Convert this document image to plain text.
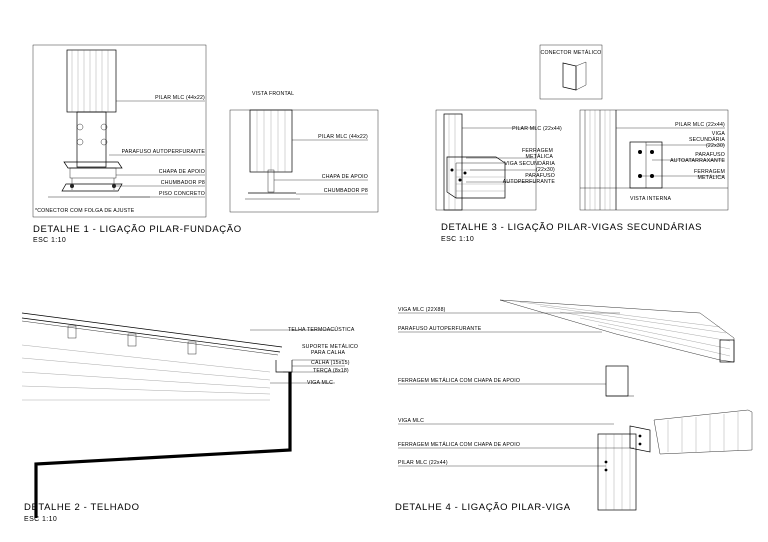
PILAR MLC (44x22)
PARAFUSO AUTOPERFURANTE
CHAPA DE APOIO
CHUMBADOR P8
PISO CONCRETO
*CONECTOR COM FOLGA DE AJUSTE
VISTA FRONTAL
PILAR MLC (44x22)
CHAPA DE APOIO
CHUMBADOR P8
DETALHE 1 - LIGAÇÃO PILAR-FUNDAÇÃO
ESC 1:10
CONECTOR METÁLICO
PILAR MLC (22x44)
FERRAGEM
METÁLICA
VIGA SECUNDÁRIA
(22x30)
PARAFUSO
AUTOPERFURANTE
PILAR MLC (22x44)
VIGA
SECUNDÁRIA
(22x30)
PARAFUSO
AUTOATARRAXANTE
FERRAGEM
METÁLICA
VISTA INTERNA
DETALHE 3 - LIGAÇÃO PILAR-VIGAS SECUNDÁRIAS
ESC 1:10
TELHA TERMOACÚSTICA
SUPORTE METÁLICO
PARA CALHA
CALHA (15x15)
TERÇA (8x18)
VIGA MLC
DETALHE 2 - TELHADO
ESC 1:10
VIGA MLC (22X88)
PARAFUSO AUTOPERFURANTE
FERRAGEM METÁLICA COM CHAPA DE APOIO
VIGA MLC
FERRAGEM METÁLICA COM CHAPA DE APOIO
PILAR MLC (22x44)
DETALHE 4 - LIGAÇÃO PILAR-VIGA
